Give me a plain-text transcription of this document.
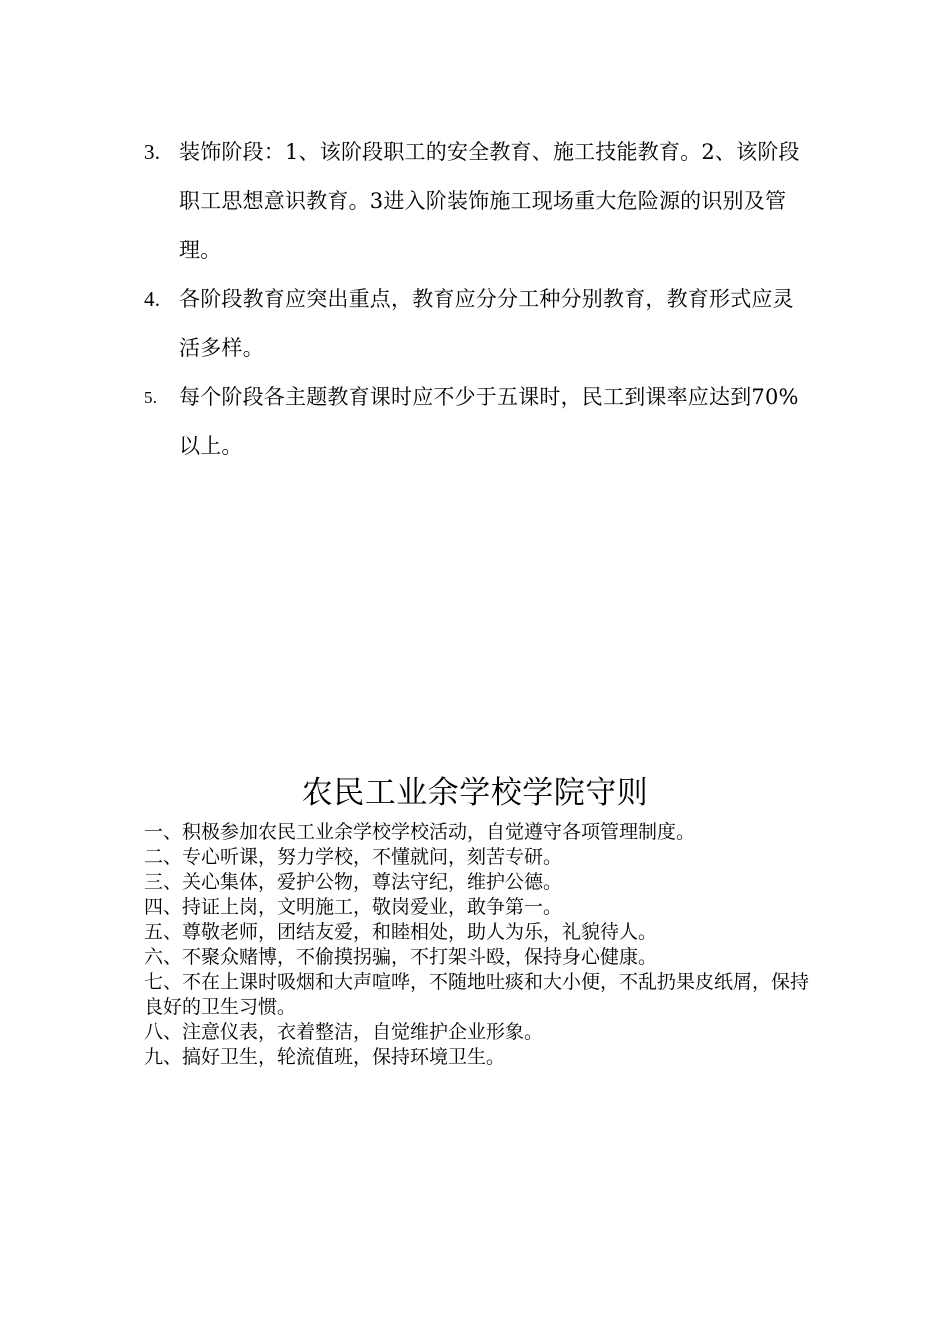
3. 装饰阶段：1、该阶段职工的安全教育、施工技能教育。2、该阶段职工思想意识教育。3进入阶装饰施工现场重大危险源的识别及管理。
4. 各阶段教育应突出重点，教育应分分工种分别教育，教育形式应灵活多样。
5. 每个阶段各主题教育课时应不少于五课时，民工到课率应达到70%以上。
农民工业余学校学院守则
一、积极参加农民工业余学校学校活动，自觉遵守各项管理制度。
二、专心听课，努力学校，不懂就问，刻苦专研。
三、关心集体，爱护公物，尊法守纪，维护公德。
四、持证上岗，文明施工，敬岗爱业，敢争第一。
五、尊敬老师，团结友爱，和睦相处，助人为乐，礼貌待人。
六、不聚众赌博，不偷摸拐骗，不打架斗殴，保持身心健康。
七、不在上课时吸烟和大声喧哗，不随地吐痰和大小便，不乱扔果皮纸屑，保持良好的卫生习惯。
八、注意仪表，衣着整洁，自觉维护企业形象。
九、搞好卫生，轮流值班，保持环境卫生。
